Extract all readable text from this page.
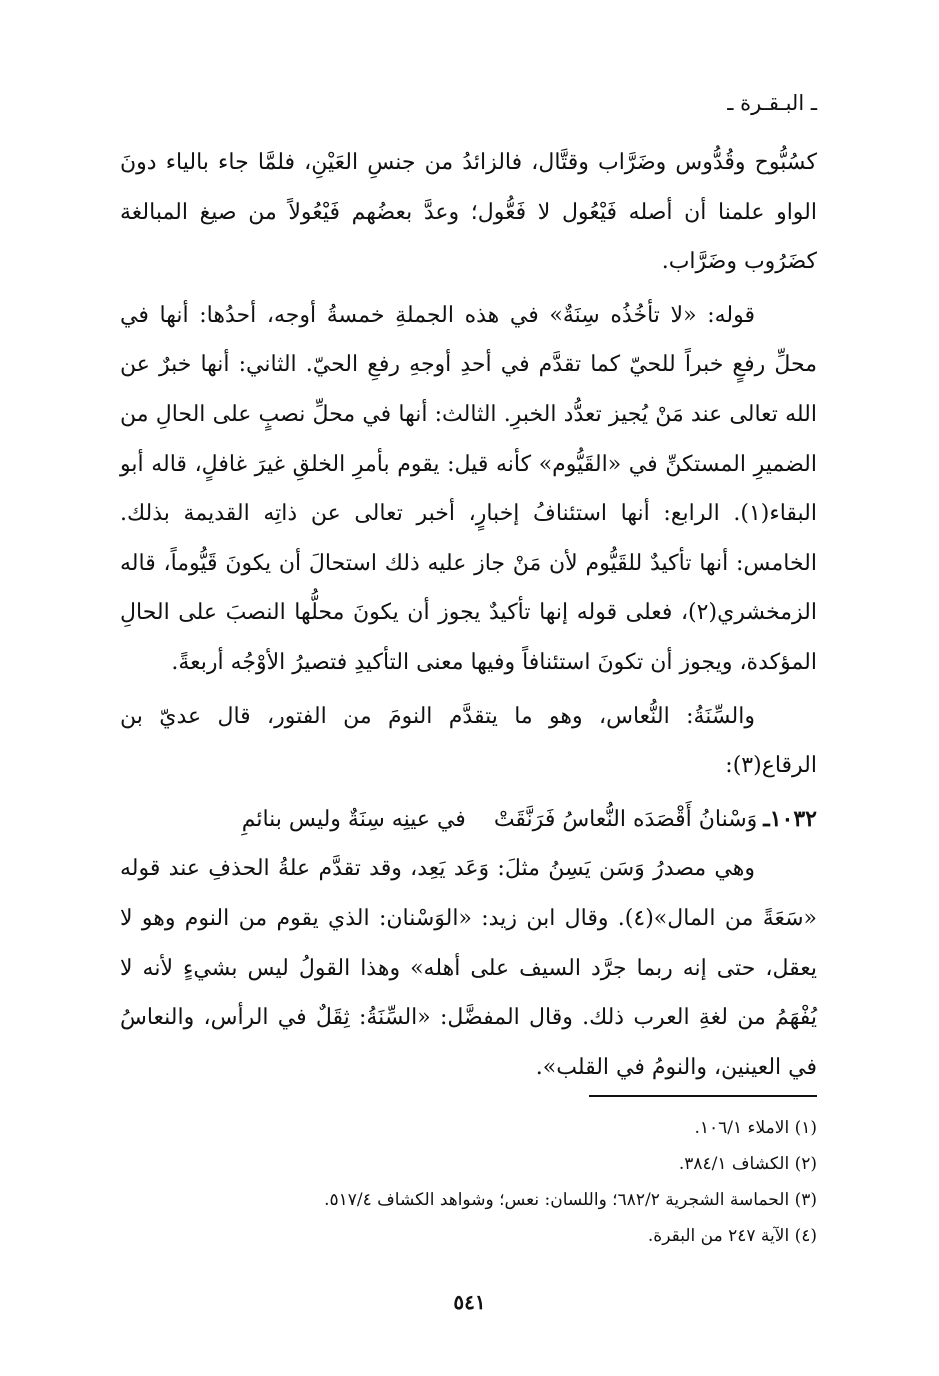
ـ البـقـرة ـ

كسُبُّوح وقُدُّوس وضَرَّاب وقتَّال، فالزائدُ من جنسِ العَيْنِ، فلمَّا جاء بالياء دونَ الواو علمنا أن أصله فَيْعُول لا فَعُّول؛ وعدَّ بعضُهم فَيْعُولاً من صيغ المبالغة كضَرُوب وضَرَّاب.

قوله: «لا تأخُذُه سِنَةٌ» في هذه الجملةِ خمسةُ أوجه، أحدُها: أنها في محلِّ رفعٍ خبراً للحيّ كما تقدَّم في أحدِ أوجهِ رفعِ الحيّ. الثاني: أنها خبرٌ عن الله تعالى عند مَنْ يُجيز تعدُّد الخبرِ. الثالث: أنها في محلِّ نصبٍ على الحالِ من الضميرِ المستكنِّ في «القَيُّوم» كأنه قيل: يقوم بأمرِ الخلقِ غيرَ غافلٍ، قاله أبو البقاء(١). الرابع: أنها استئنافُ إخبارٍ، أخبر تعالى عن ذاتِه القديمة بذلك. الخامس: أنها تأكيدٌ للقَيُّوم لأن مَنْ جاز عليه ذلك استحالَ أن يكونَ قَيُّوماً، قاله الزمخشري(٢)، فعلى قوله إنها تأكيدٌ يجوز أن يكونَ محلُّها النصبَ على الحالِ المؤكدة، ويجوز أن تكونَ استئنافاً وفيها معنى التأكيدِ فتصيرُ الأوْجُه أربعةً.

والسِّنَةُ: النُّعاس، وهو ما يتقدَّم النومَ من الفتور، قال عديّ بن الرقاع(٣):

١٠٣٢ـ
وَسْنانُ أَقْصَدَه النُّعاسُ فَرَنَّقَتْ
في عينِه سِنَةٌ وليس بنائمِ

وهي مصدرُ وَسَن يَسِنُ مثلَ: وَعَد يَعِد، وقد تقدَّم علةُ الحذفِ عند قوله «سَعَةً من المال»(٤). وقال ابن زيد: «الوَسْنان: الذي يقوم من النوم وهو لا يعقل، حتى إنه ربما جرَّد السيف على أهله» وهذا القولُ ليس بشيءٍ لأنه لا يُفْهَمُ من لغةِ العرب ذلك. وقال المفضَّل: «السِّنَةُ: ثِقَلٌ في الرأس، والنعاسُ في العينين، والنومُ في القلب».

(١) الاملاء ١٠٦/١.
(٢) الكشاف ٣٨٤/١.
(٣) الحماسة الشجرية ٦٨٢/٢؛ واللسان: نعس؛ وشواهد الكشاف ٥١٧/٤.
(٤) الآية ٢٤٧ من البقرة.
٥٤١
